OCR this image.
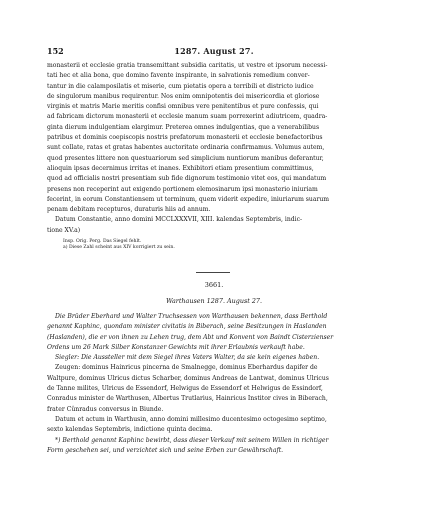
152	1287. August 27.
monasterii et ecclesie gratia transemittant subsidia caritatis, ut vestre et ipsorum necessi-
tati hec et alia bona, que domino favente inspirante, in salvationis remedium conver-
tantur in die calamposilatis et miserie, cum pietatis opera a terribili et districto iudice
de singulorum manibus requirentur. Nos enim omnipotentis dei misericordia et gloriose
virginis et matris Marie meritis confisi omnibus vere penitentibus et pure confessis, qui
ad fabricam dictorum monasterii et ecclesie manum suam porrexerint adiutricem, quadra-
ginta dierum indulgentiam elargimur. Preterea omnes indulgentias, que a venerabilibus
patribus et dominis coepiscopis nostris prefatorum monasterii et ecclesie benefactoribus
sunt collate, ratas et gratas habentes auctoritate ordinaria confirmamus. Volumus autem,
quod presentes littere non questuariorum sed simplicium nuntiorum manibus deferantur,
alioquin ipsas decernimus irritas et inanes. Exhibitori etiam presentium committimus,
quod ad officialis nostri presentiam sub fide dignorum testimonio vitet eos, qui mandatum
presens non receperint aut exigendo portionem elemosinarum ipsi monasterio iniuriam
fecerint, in eorum Constantiensem ut terminum, quem viderit expedire, iniuriarum suarum
penam debitam recepturos, duraturis hiis ad annum.
Datum Constantie, anno domini MCCLXXXVII, XIII. kalendas Septembris, indic-
tione XV.a)
Insp. Orig. Perg. Das Siegel fehlt.
a) Diese Zahl scheint aus XIV korrigiert zu sein.
3661.
Warthausen 1287. August 27.
Die Brüder Eberhard und Walter Truchsessen von Warthausen bekennen, dass Berthold
genannt Kaphinc, quondam minister civitatis in Biberach, seine Besitzungen in Haslanden
(Haslanden), die er von ihnen zu Lehen trug, dem Abt und Konvent von Baindt Cisterzienser
Ordens um 26 Mark Silber Konstanzer Gewichts mit ihrer Erlaubnis verkauft habe.
Siegler: Die Aussteller mit dem Siegel ihres Vaters Walter, da sie kein eigenes haben.
Zeugen: dominus Hainricus pincerna de Smalnegge, dominus Eberhardus dapifer de
Waltpure, dominus Ulricus dictus Scharber, dominus Andreas de Lantwat, dominus Ulricus
de Tanne milites, Ulricus de Essendorf, Helwigus de Essendorf et Helwigus de Essindorf,
Conradus minister de Warthusen, Albertus Trutlarius, Hainricus Institor cives in Biberach,
frater Cûnradus conversus in Biunde.
Datum et actum in Warthusin, anno domini millesimo ducentesimo octogesimo septimo,
sexto kalendas Septembris, indictione quinta decima.
*) Berthold genannt Kaphinc bewirbt, dass dieser Verkauf mit seinem Willen in richtiger
Form geschehen sei, und verzichtet sich und seine Erben zur Gewährschaft.
